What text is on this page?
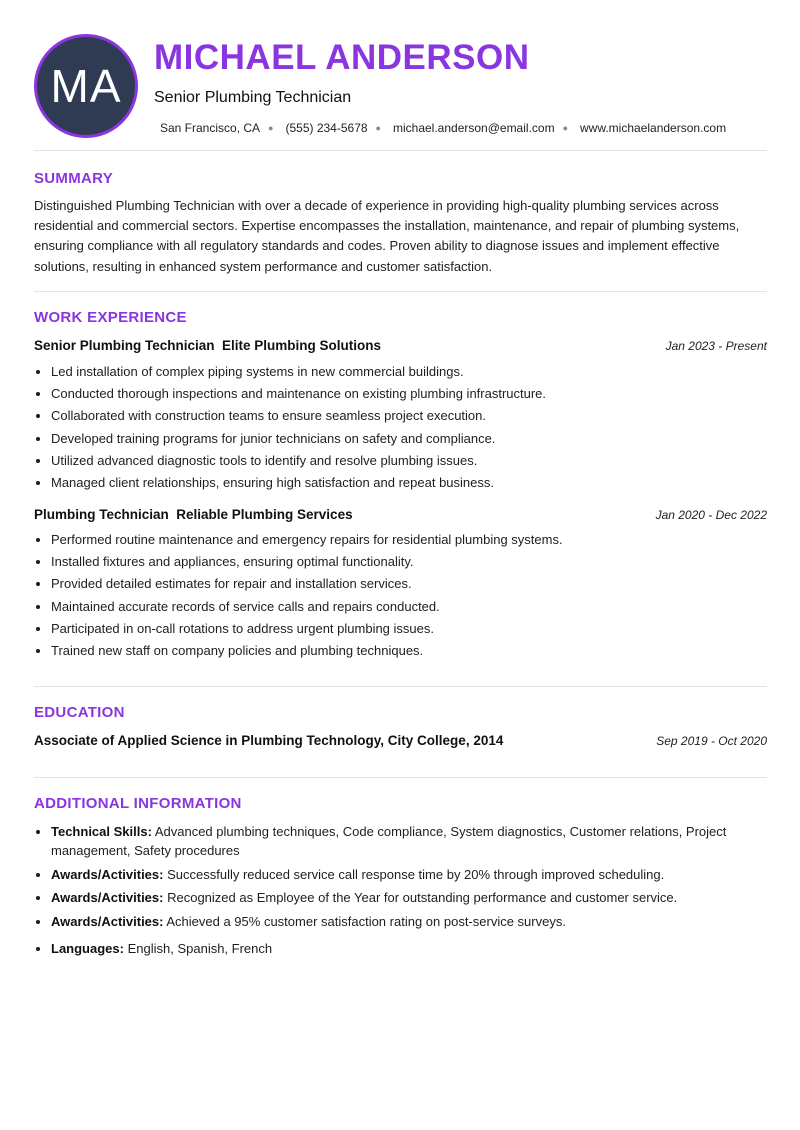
MA
MICHAEL ANDERSON
Senior Plumbing Technician
San Francisco, CA ● (555) 234-5678 ● michael.anderson@email.com ● www.michaelanderson.com
SUMMARY

Distinguished Plumbing Technician with over a decade of experience in providing high-quality plumbing services across residential and commercial sectors. Expertise encompasses the installation, maintenance, and repair of plumbing systems, ensuring compliance with all regulatory standards and codes. Proven ability to diagnose issues and implement effective solutions, resulting in enhanced system performance and customer satisfaction.

WORK EXPERIENCE
Senior Plumbing Technician  Elite Plumbing Solutions	Jan 2023 - Present
• Led installation of complex piping systems in new commercial buildings.
• Conducted thorough inspections and maintenance on existing plumbing infrastructure.
• Collaborated with construction teams to ensure seamless project execution.
• Developed training programs for junior technicians on safety and compliance.
• Utilized advanced diagnostic tools to identify and resolve plumbing issues.
• Managed client relationships, ensuring high satisfaction and repeat business.
Plumbing Technician  Reliable Plumbing Services	Jan 2020 - Dec 2022
• Performed routine maintenance and emergency repairs for residential plumbing systems.
• Installed fixtures and appliances, ensuring optimal functionality.
• Provided detailed estimates for repair and installation services.
• Maintained accurate records of service calls and repairs conducted.
• Participated in on-call rotations to address urgent plumbing issues.
• Trained new staff on company policies and plumbing techniques.
EDUCATION
Associate of Applied Science in Plumbing Technology, City College, 2014	Sep 2019 - Oct 2020
ADDITIONAL INFORMATION
• Technical Skills: Advanced plumbing techniques, Code compliance, System diagnostics, Customer relations, Project management, Safety procedures
• Awards/Activities: Successfully reduced service call response time by 20% through improved scheduling.
• Awards/Activities: Recognized as Employee of the Year for outstanding performance and customer service.
• Awards/Activities: Achieved a 95% customer satisfaction rating on post-service surveys.
• Languages: English, Spanish, French
